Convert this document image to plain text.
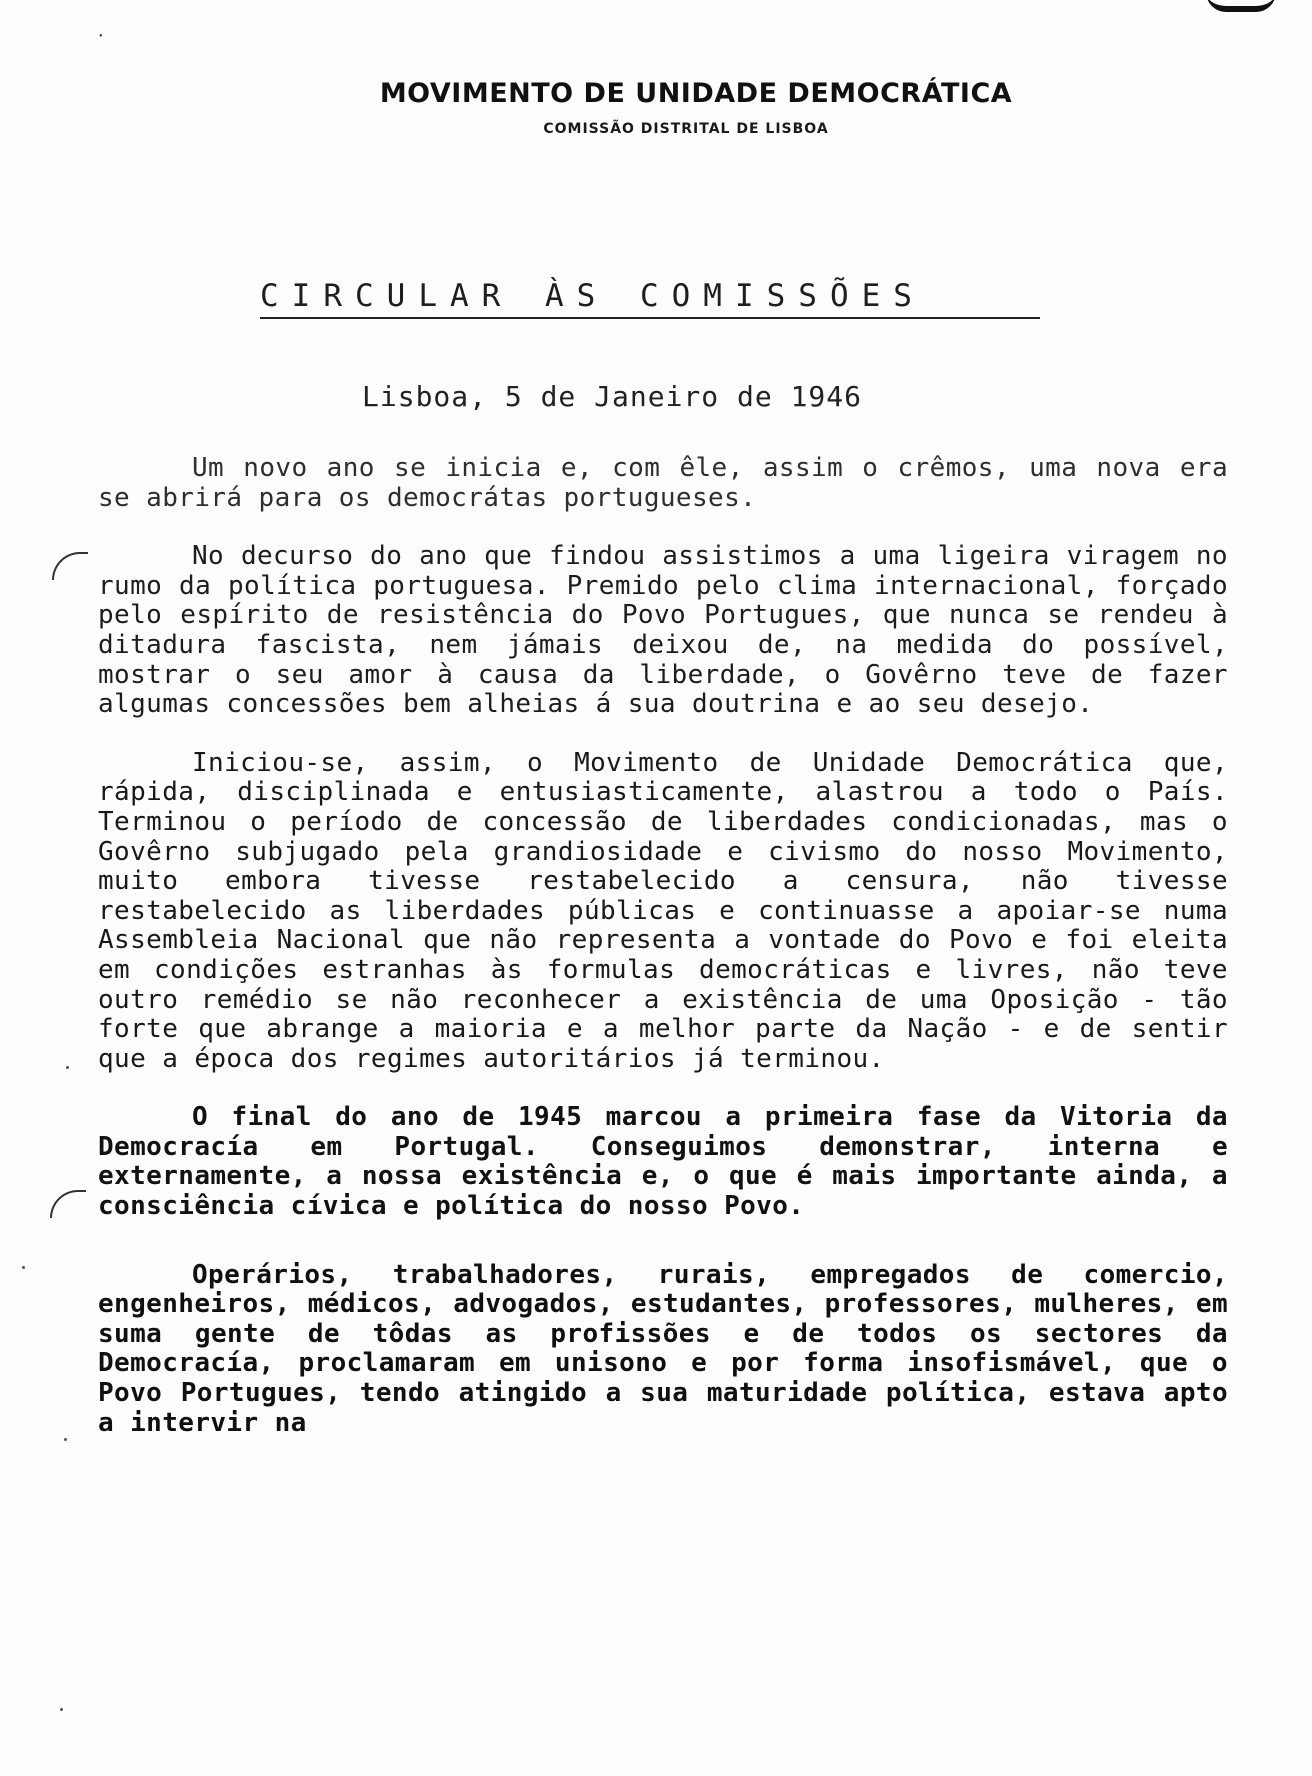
·
MOVIMENTO DE UNIDADE DEMOCRÁTICA
COMISSÃO DISTRITAL DE LISBOA
CIRCULAR ÀS COMISSÕES
Lisboa, 5 de Janeiro de 1946

Um novo ano se inicia e, com êle, assim o crêmos, uma nova era se abrirá para os democrátas portugueses.

No decurso do ano que findou assistimos a uma ligeira viragem no rumo da política portuguesa. Premido pelo clima internacional, forçado pelo espírito de resistência do Povo Portugues, que nunca se rendeu à ditadura fascista, nem jámais deixou de, na medida do possível, mostrar o seu amor à causa da liberdade, o Govêrno teve de fazer algumas concessões bem alheias á sua doutrina e ao seu desejo.

Iniciou-se, assim, o Movimento de Unidade Democrática que, rápida, disciplinada e entusiasticamente, alastrou a todo o País. Terminou o período de concessão de liberdades condicionadas, mas o Govêrno subjugado pela grandiosidade e civismo do nosso Movimento, muito embora tivesse restabelecido a censura, não tivesse restabelecido as liberdades públicas e continuasse a apoiar-se numa Assembleia Nacional que não representa a vontade do Povo e foi eleita em condições estranhas às formulas democráticas e livres, não teve outro remédio se não reconhecer a existência de uma Oposição - tão forte que abrange a maioria e a melhor parte da Nação - e de sentir que a época dos regimes autoritários já terminou.

O final do ano de 1945 marcou a primeira fase da Vitoria da Democracía em Portugal. Conseguimos demonstrar, interna e externamente, a nossa existência e, o que é mais importante ainda, a consciência cívica e política do nosso Povo.

Operários, trabalhadores, rurais, empregados de comercio, engenheiros, médicos, advogados, estudantes, professores, mulheres, em suma gente de tôdas as profissões e de todos os sectores da Democracía, proclamaram em unisono e por forma insofismável, que o Povo Portugues, tendo atingido a sua maturidade política, estava apto a intervir na
